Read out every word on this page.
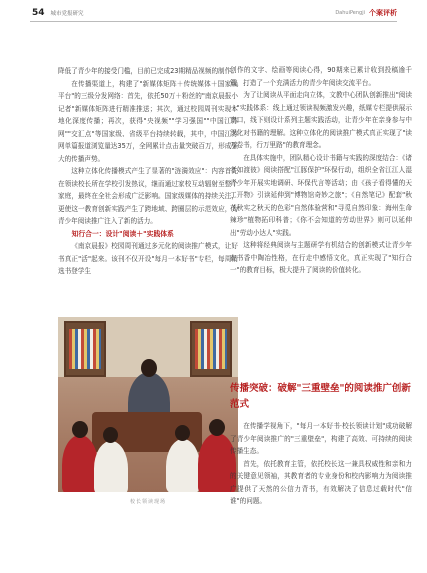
54 城市党报研究	DahuiPengji 个案评析

降低了青少年的接受门槛，目前已完成23期精品视频的制作。

在传播渠道上，构建了"新媒体矩阵＋传统媒体＋国家级平台"的三级分发网络：首先，依托50万＋粉丝的"南京晨报小记者"新媒体矩阵进行精准推送；其次，通过校园周刊实现本地化深度传播；再次，获得"央视频""学习强国""中国江苏网""交汇点"等国家级、省级平台持续转载，其中，中国江苏网单篇报道浏览量达35万，全网累计点击量突破百万，形成强大的传播声势。

这种立体化传播模式产生了显著的"涟漪效应"：内容首先在领读校长所在学校引发热议，继而通过家校互动辐射至整个家庭，最终在全社会形成广泛影响。国家级媒体的持续关注，更使这一教育创新实践产生了跨地域、跨圈层的示范效应，为青少年阅读推广注入了新的活力。

知行合一：设计"阅读＋"实践体系

《南京晨报》校园周刊通过多元化的阅读推广模式，让好书真正"活"起来。该刊不仅开设"每月一本好书"专栏，每周精选书登学生

校长领读现场

创作的文字、绘画等阅读心得，90期来已累计收到投稿逾千篇，打造了一个充满活力的青少年阅读交流平台。

为了让阅读从平面走向立体，文教中心团队创新推出"阅读＋"实践体系：线上通过领读视频激发兴趣，纸媒专栏提供展示窗口，线下则设计系列主题实践活动，让青少年在亲身参与中深化对书籍的理解。这种立体化的阅读推广模式真正实现了"读万卷书，行万里路"的教育理念。

在具体实施中，团队精心设计书籍与实践的深度结合：《诸者如渡彼》阅读搭配"江豚保护"环保行动，组织全省江江人湿青少年开展实地调研、环保代言等活动；由《孩子看得懂的天工开物》引读延伸到"博物馆奇妙之旅"；《自然笔记》配套"秋花秋实之秋天的色彩"自然体验营和"寻觅自然印象：海州生命辣珍"植物拓印科普；《你不会知道的劳动世界》则可以延伸出"劳动小达人"实践。

这种将经典阅读与主题研学有机结合的创新模式让青少年在书香中陶冶性格，在行走中感悟文化，真正实现了"知行合一"的教育目标，极大提升了阅读的价值转化。

传播突破：破解"三重壁垒"的阅读推广创新范式

在传播学视角下，"每月一本好书·校长领读计划"成功破解了青少年阅读推广的"三重壁垒"，构建了高效、可持续的阅读传播生态。

首先，依托教育主管，依托校长这一兼具权威性和亲和力的关键意见领袖，其教育者的专业身份和校内影响力为阅读推广提供了天然的公信力背书，有效解决了信息过载时代"信谁"的问题。
